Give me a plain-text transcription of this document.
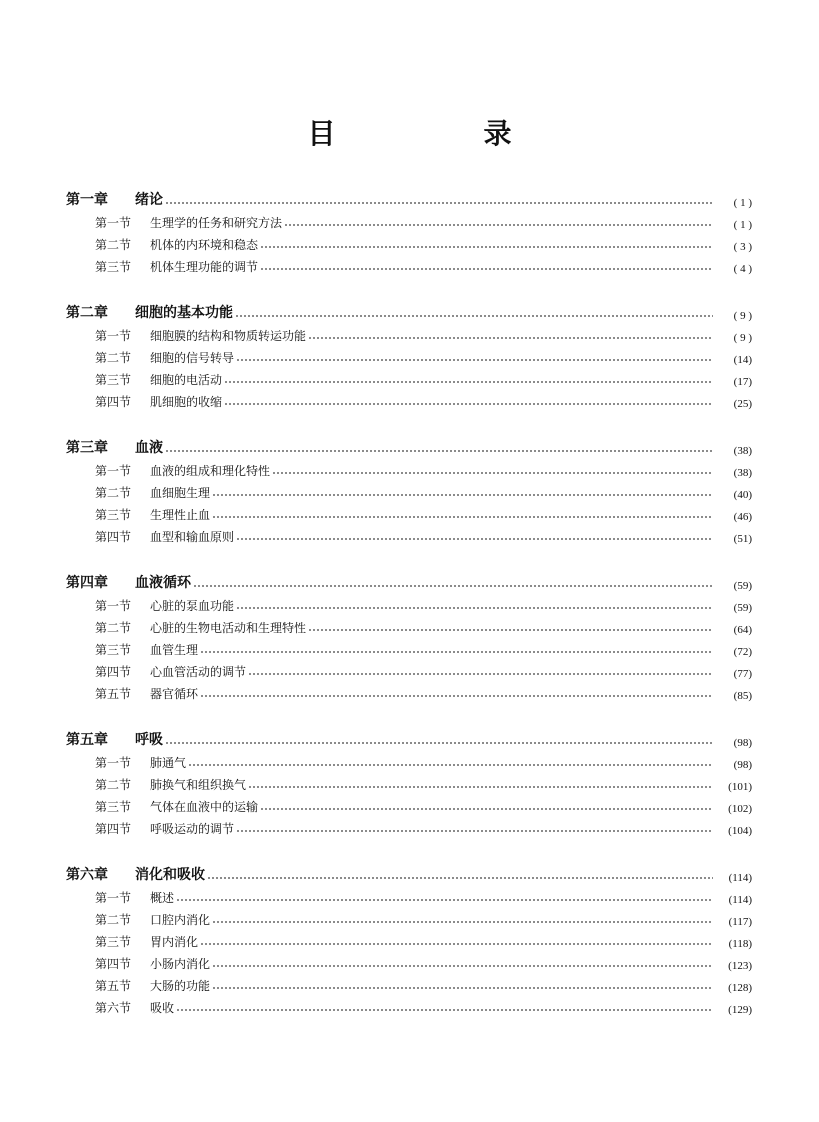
目　录
第一章	绪论	( 1 )
第一节	生理学的任务和研究方法	( 1 )
第二节	机体的内环境和稳态	( 3 )
第三节	机体生理功能的调节	( 4 )
第二章	细胞的基本功能	( 9 )
第一节	细胞膜的结构和物质转运功能	( 9 )
第二节	细胞的信号转导	(14)
第三节	细胞的电活动	(17)
第四节	肌细胞的收缩	(25)
第三章	血液	(38)
第一节	血液的组成和理化特性	(38)
第二节	血细胞生理	(40)
第三节	生理性止血	(46)
第四节	血型和输血原则	(51)
第四章	血液循环	(59)
第一节	心脏的泵血功能	(59)
第二节	心脏的生物电活动和生理特性	(64)
第三节	血管生理	(72)
第四节	心血管活动的调节	(77)
第五节	器官循环	(85)
第五章	呼吸	(98)
第一节	肺通气	(98)
第二节	肺换气和组织换气	(101)
第三节	气体在血液中的运输	(102)
第四节	呼吸运动的调节	(104)
第六章	消化和吸收	(114)
第一节	概述	(114)
第二节	口腔内消化	(117)
第三节	胃内消化	(118)
第四节	小肠内消化	(123)
第五节	大肠的功能	(128)
第六节	吸收	(129)
